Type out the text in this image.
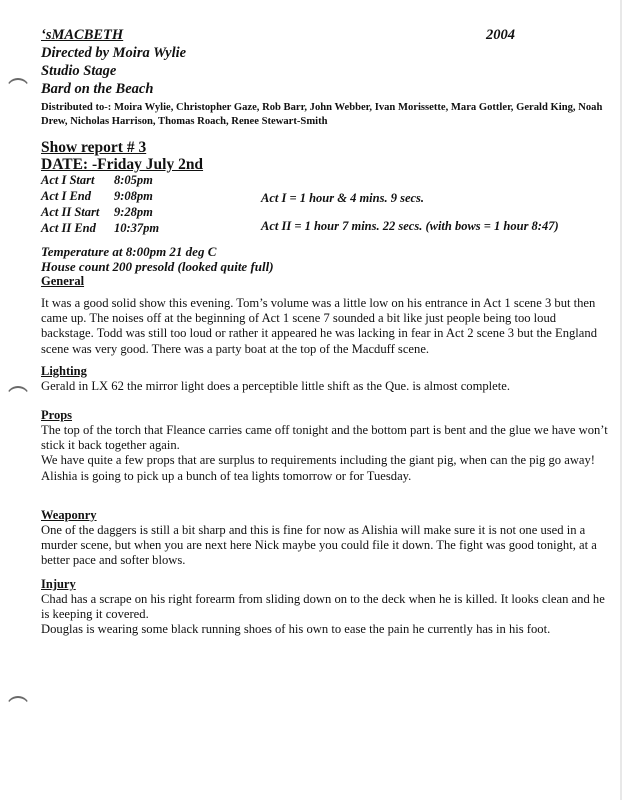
‘sMACBETH	2004
Directed by Moira Wylie
Studio Stage
Bard on the Beach
Distributed to-: Moira Wylie, Christopher Gaze, Rob Barr, John Webber, Ivan Morissette, Mara Gottler, Gerald King, Noah Drew, Nicholas Harrison, Thomas Roach, Renee Stewart-Smith
Show report # 3
DATE: -Friday July 2nd
Act I Start 8:05pm
Act I End 9:08pm
Act II Start 9:28pm
Act II End 10:37pm
Act I = 1 hour & 4 mins. 9 secs.
Act II = 1 hour 7 mins. 22 secs. (with bows = 1 hour 8:47)
Temperature at 8:00pm 21 deg C
House count 200 presold (looked quite full)
General

It was a good solid show this evening. Tom’s volume was a little low on his entrance in Act 1 scene 3 but then came up. The noises off at the beginning of Act 1 scene 7 sounded a bit like just people being too loud backstage. Todd was still too loud or rather it appeared he was lacking in fear in Act 2 scene 3 but the England scene was very good. There was a party boat at the top of the Macduff scene.

Lighting

Gerald in LX 62 the mirror light does a perceptible little shift as the Que. is almost complete.

Props

The top of the torch that Fleance carries came off tonight and the bottom part is bent and the glue we have won’t stick it back together again.

We have quite a few props that are surplus to requirements including the giant pig, when can the pig go away!

Alishia is going to pick up a bunch of tea lights tomorrow or for Tuesday.

Weaponry

One of the daggers is still a bit sharp and this is fine for now as Alishia will make sure it is not one used in a murder scene, but when you are next here Nick maybe you could file it down. The fight was good tonight, at a better pace and softer blows.

Injury

Chad has a scrape on his right forearm from sliding down on to the deck when he is killed. It looks clean and he is keeping it covered.

Douglas is wearing some black running shoes of his own to ease the pain he currently has in his foot.
